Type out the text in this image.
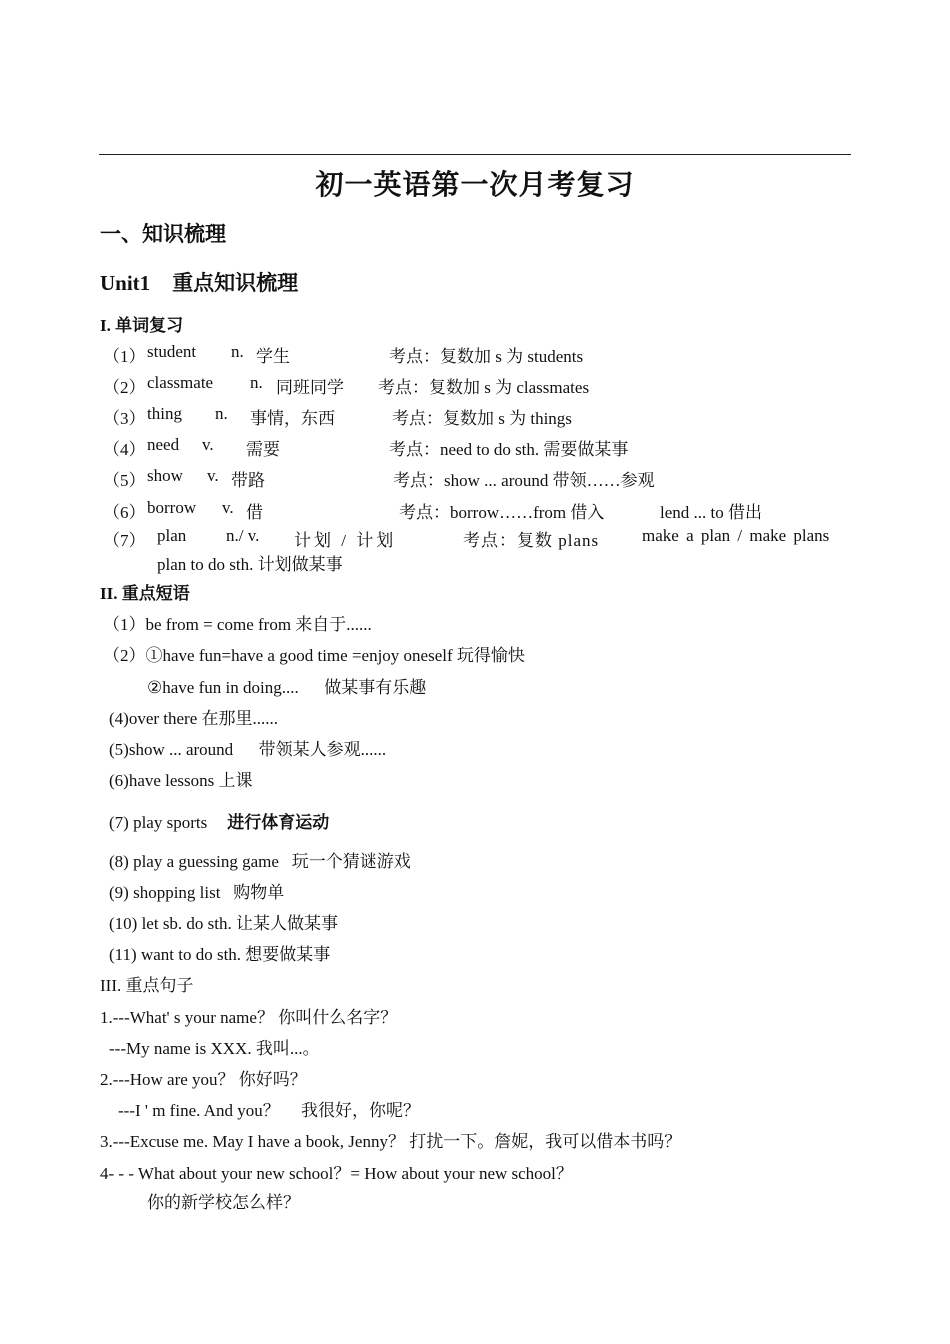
初一英语第一次月考复习
一、知识梳理
Unit1 重点知识梳理
I. 单词复习
（1） student n. 学生	考点：复数加 s 为 students
（2） classmate n. 同班同学 考点：复数加 s 为 classmates
（3） thing n. 事情，东西	考点：复数加 s 为 things
（4） need v. 需要	考点：need to do sth. 需要做某事
（5） show v. 带路	考点：show ... around 带领……参观
（6） borrow v. 借	考点：borrow……from 借入	lend ... to 借出
（7） plan n./ v. 计划 / 计划	考点：复数 plans	make a plan / make plans
plan to do sth. 计划做某事
II. 重点短语
（1）be from = come from 来自于......
（2）①have fun=have a good time =enjoy oneself 玩得愉快
②have fun in doing....      做某事有乐趣
(4)over there 在那里......
(5)show ... around      带领某人参观......
(6)have lessons 上课
(7) play sports 进行体育运动
(8) play a guessing game   玩一个猜谜游戏
(9) shopping list   购物单
(10) let sb. do sth. 让某人做某事
(11) want to do sth. 想要做某事
III. 重点句子
1.---What' s your name？ 你叫什么名字？
---My name is XXX. 我叫...。
2.---How are you？ 你好吗？
---I ' m fine. And you？     我很好，你呢？
3.---Excuse me. May I have a book, Jenny？ 打扰一下。詹妮，我可以借本书吗？
4- - - What about your new school？= How about your new school？
你的新学校怎么样？
